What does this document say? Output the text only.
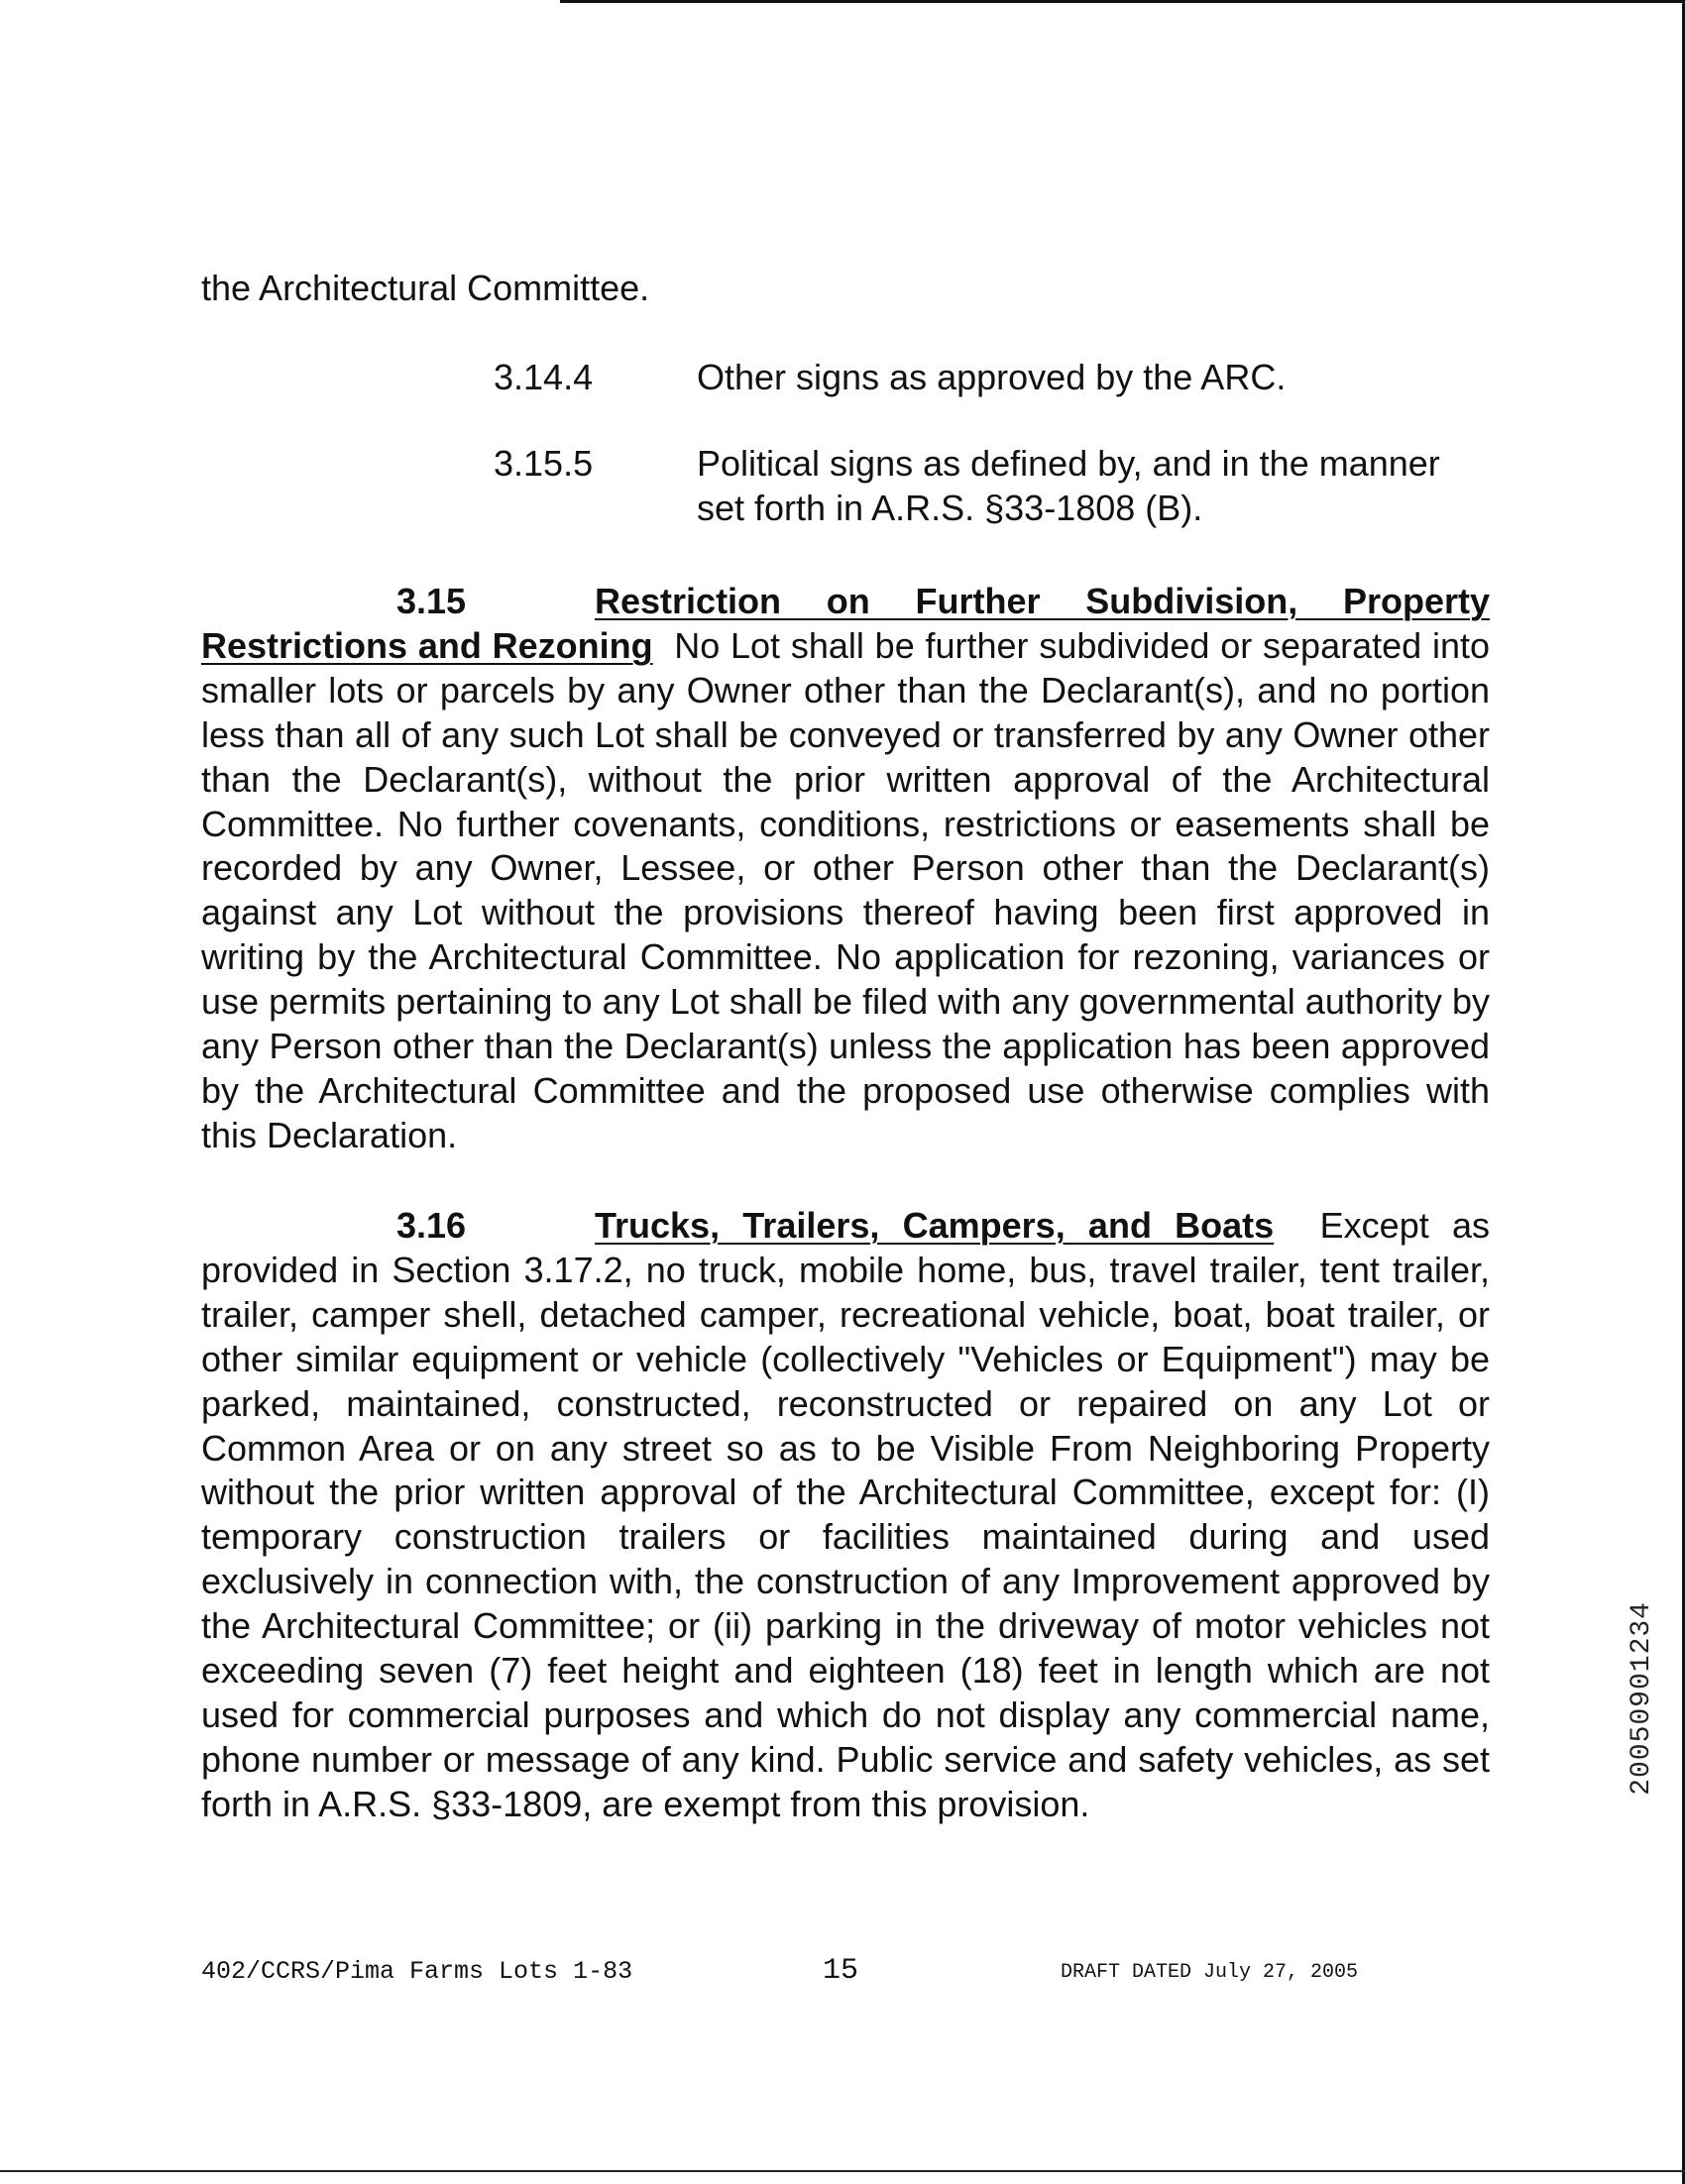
the Architectural Committee.
3.14.4	Other signs as approved by the ARC.
3.15.5	Political signs as defined by, and in the manner set forth in A.R.S. §33-1808 (B).
3.15	Restriction on Further Subdivision, Property Restrictions and Rezoning No Lot shall be further subdivided or separated into smaller lots or parcels by any Owner other than the Declarant(s), and no portion less than all of any such Lot shall be conveyed or transferred by any Owner other than the Declarant(s), without the prior written approval of the Architectural Committee. No further covenants, conditions, restrictions or easements shall be recorded by any Owner, Lessee, or other Person other than the Declarant(s) against any Lot without the provisions thereof having been first approved in writing by the Architectural Committee. No application for rezoning, variances or use permits pertaining to any Lot shall be filed with any governmental authority by any Person other than the Declarant(s) unless the application has been approved by the Architectural Committee and the proposed use otherwise complies with this Declaration.
3.16	Trucks, Trailers, Campers, and Boats Except as provided in Section 3.17.2, no truck, mobile home, bus, travel trailer, tent trailer, trailer, camper shell, detached camper, recreational vehicle, boat, boat trailer, or other similar equipment or vehicle (collectively "Vehicles or Equipment") may be parked, maintained, constructed, reconstructed or repaired on any Lot or Common Area or on any street so as to be Visible From Neighboring Property without the prior written approval of the Architectural Committee, except for: (I) temporary construction trailers or facilities maintained during and used exclusively in connection with, the construction of any Improvement approved by the Architectural Committee; or (ii) parking in the driveway of motor vehicles not exceeding seven (7) feet height and eighteen (18) feet in length which are not used for commercial purposes and which do not display any commercial name, phone number or message of any kind. Public service and safety vehicles, as set forth in A.R.S. §33-1809, are exempt from this provision.
402/CCRS/Pima Farms Lots 1-83	15	DRAFT DATED July 27, 2005
20050901234
